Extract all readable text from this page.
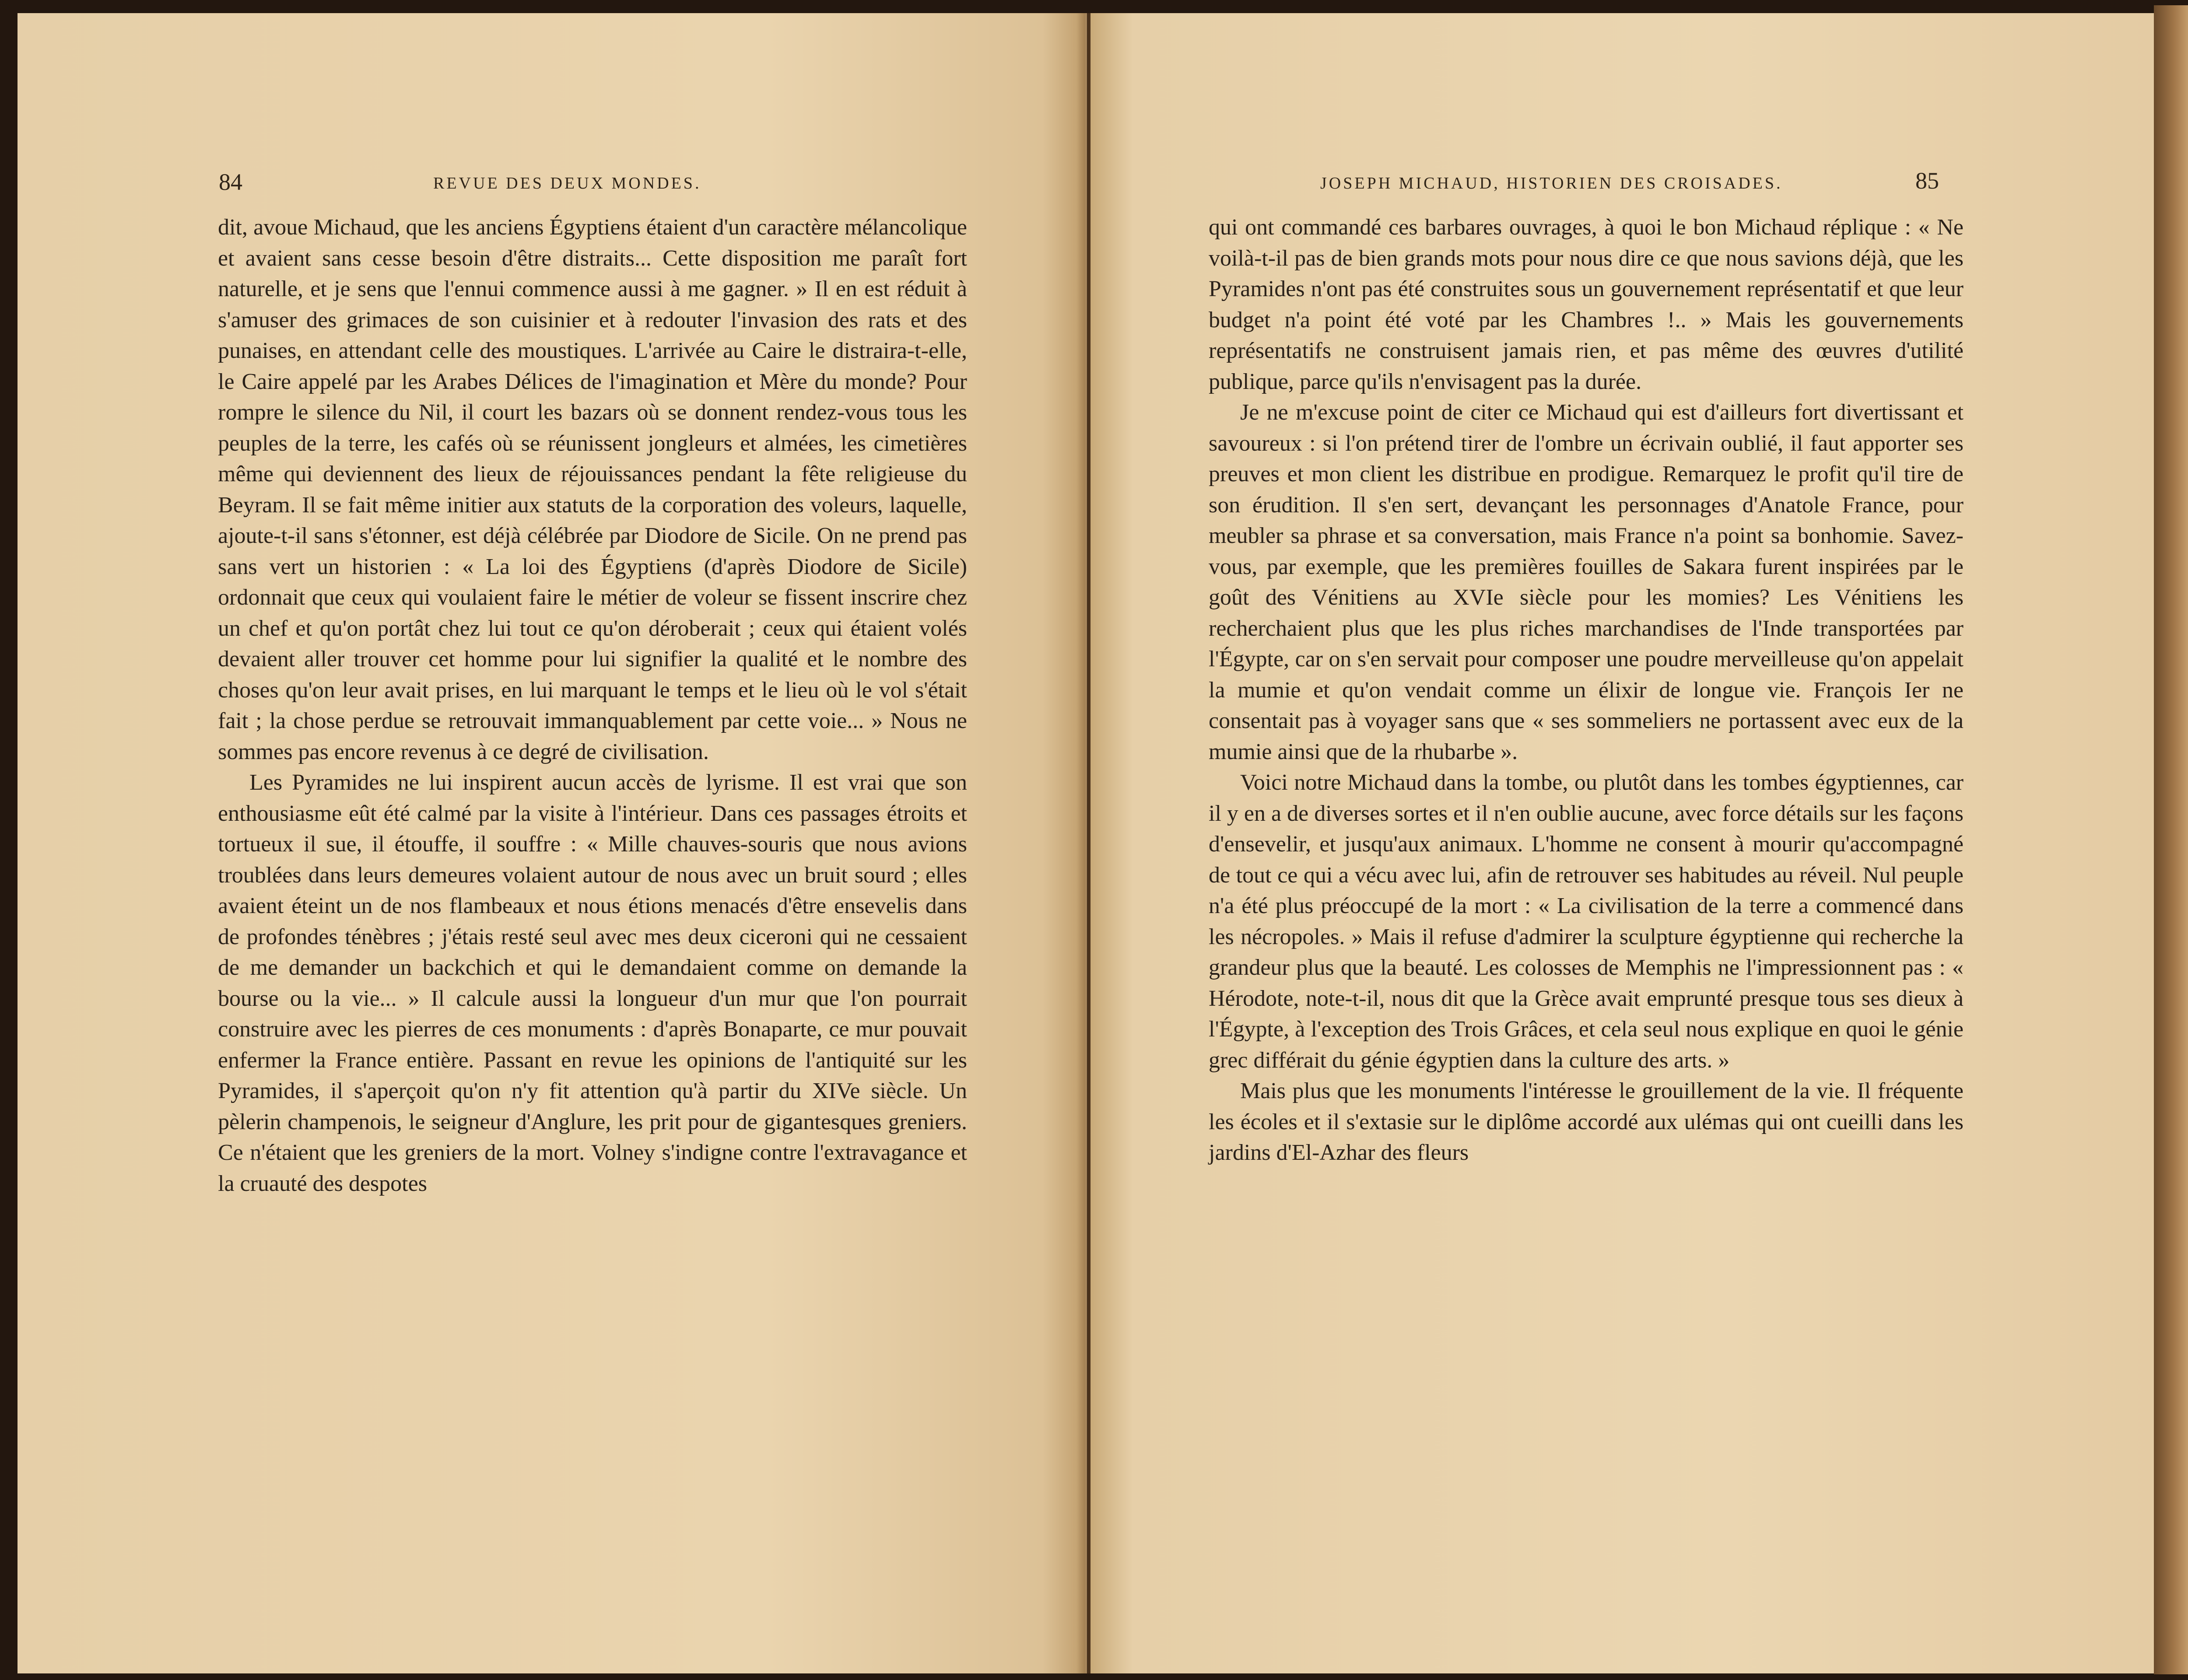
84	REVUE DES DEUX MONDES.

dit, avoue Michaud, que les anciens Égyptiens étaient d'un caractère mélancolique et avaient sans cesse besoin d'être distraits... Cette disposition me paraît fort naturelle, et je sens que l'ennui commence aussi à me gagner. » Il en est réduit à s'amuser des grimaces de son cuisinier et à redouter l'invasion des rats et des punaises, en attendant celle des moustiques. L'arrivée au Caire le distraira-t-elle, le Caire appelé par les Arabes Délices de l'imagination et Mère du monde? Pour rompre le silence du Nil, il court les bazars où se donnent rendez-vous tous les peuples de la terre, les cafés où se réunissent jongleurs et almées, les cimetières même qui deviennent des lieux de réjouissances pendant la fête religieuse du Beyram. Il se fait même initier aux statuts de la corporation des voleurs, laquelle, ajoute-t-il sans s'étonner, est déjà célébrée par Diodore de Sicile. On ne prend pas sans vert un historien : « La loi des Égyptiens (d'après Diodore de Sicile) ordonnait que ceux qui voulaient faire le métier de voleur se fissent inscrire chez un chef et qu'on portât chez lui tout ce qu'on déroberait ; ceux qui étaient volés devaient aller trouver cet homme pour lui signifier la qualité et le nombre des choses qu'on leur avait prises, en lui marquant le temps et le lieu où le vol s'était fait ; la chose perdue se retrouvait immanquablement par cette voie... » Nous ne sommes pas encore revenus à ce degré de civilisation.

Les Pyramides ne lui inspirent aucun accès de lyrisme. Il est vrai que son enthousiasme eût été calmé par la visite à l'intérieur. Dans ces passages étroits et tortueux il sue, il étouffe, il souffre : « Mille chauves-souris que nous avions troublées dans leurs demeures volaient autour de nous avec un bruit sourd ; elles avaient éteint un de nos flambeaux et nous étions menacés d'être ensevelis dans de profondes ténèbres ; j'étais resté seul avec mes deux ciceroni qui ne cessaient de me demander un backchich et qui le demandaient comme on demande la bourse ou la vie... » Il calcule aussi la longueur d'un mur que l'on pourrait construire avec les pierres de ces monuments : d'après Bonaparte, ce mur pouvait enfermer la France entière. Passant en revue les opinions de l'antiquité sur les Pyramides, il s'aperçoit qu'on n'y fit attention qu'à partir du XIVe siècle. Un pèlerin champenois, le seigneur d'Anglure, les prit pour de gigantesques greniers. Ce n'étaient que les greniers de la mort. Volney s'indigne contre l'extravagance et la cruauté des despotes

JOSEPH MICHAUD, HISTORIEN DES CROISADES.	85

qui ont commandé ces barbares ouvrages, à quoi le bon Michaud réplique : « Ne voilà-t-il pas de bien grands mots pour nous dire ce que nous savions déjà, que les Pyramides n'ont pas été construites sous un gouvernement représentatif et que leur budget n'a point été voté par les Chambres !.. » Mais les gouvernements représentatifs ne construisent jamais rien, et pas même des œuvres d'utilité publique, parce qu'ils n'envisagent pas la durée.

Je ne m'excuse point de citer ce Michaud qui est d'ailleurs fort divertissant et savoureux : si l'on prétend tirer de l'ombre un écrivain oublié, il faut apporter ses preuves et mon client les distribue en prodigue. Remarquez le profit qu'il tire de son érudition. Il s'en sert, devançant les personnages d'Anatole France, pour meubler sa phrase et sa conversation, mais France n'a point sa bonhomie. Savez-vous, par exemple, que les premières fouilles de Sakara furent inspirées par le goût des Vénitiens au XVIe siècle pour les momies? Les Vénitiens les recherchaient plus que les plus riches marchandises de l'Inde transportées par l'Égypte, car on s'en servait pour composer une poudre merveilleuse qu'on appelait la mumie et qu'on vendait comme un élixir de longue vie. François Ier ne consentait pas à voyager sans que « ses sommeliers ne portassent avec eux de la mumie ainsi que de la rhubarbe ».

Voici notre Michaud dans la tombe, ou plutôt dans les tombes égyptiennes, car il y en a de diverses sortes et il n'en oublie aucune, avec force détails sur les façons d'ensevelir, et jusqu'aux animaux. L'homme ne consent à mourir qu'accompagné de tout ce qui a vécu avec lui, afin de retrouver ses habitudes au réveil. Nul peuple n'a été plus préoccupé de la mort : « La civilisation de la terre a commencé dans les nécropoles. » Mais il refuse d'admirer la sculpture égyptienne qui recherche la grandeur plus que la beauté. Les colosses de Memphis ne l'impressionnent pas : « Hérodote, note-t-il, nous dit que la Grèce avait emprunté presque tous ses dieux à l'Égypte, à l'exception des Trois Grâces, et cela seul nous explique en quoi le génie grec différait du génie égyptien dans la culture des arts. »

Mais plus que les monuments l'intéresse le grouillement de la vie. Il fréquente les écoles et il s'extasie sur le diplôme accordé aux ulémas qui ont cueilli dans les jardins d'El-Azhar des fleurs
